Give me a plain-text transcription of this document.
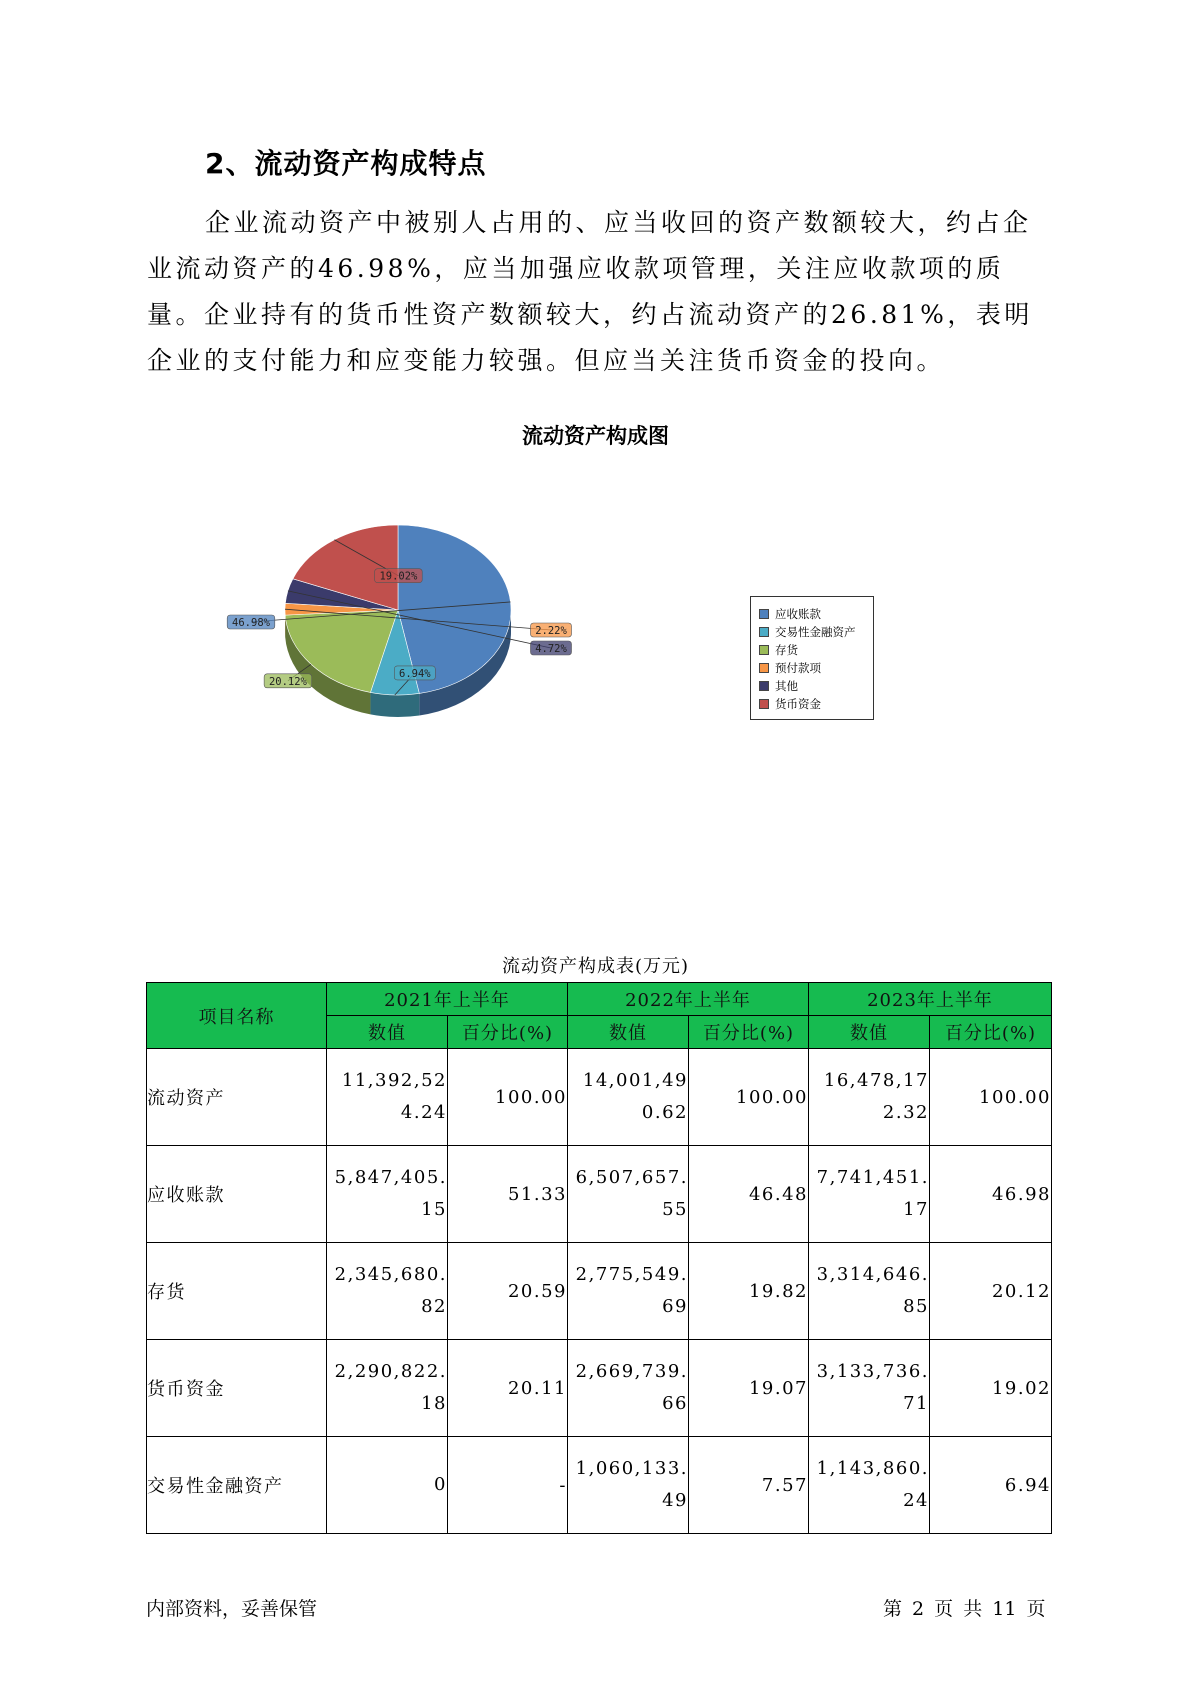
2、流动资产构成特点
企业流动资产中被别人占用的、应当收回的资产数额较大，约占企业流动资产的46.98%，应当加强应收款项管理，关注应收款项的质量。企业持有的货币性资产数额较大，约占流动资产的26.81%，表明企业的支付能力和应变能力较强。但应当关注货币资金的投向。
流动资产构成图
46.98%
6.94%
20.12%
2.22%
4.72%
19.02%
应收账款
交易性金融资产
存货
预付款项
其他
货币资金
流动资产构成表(万元)
项目名称	2021年上半年		2022年上半年		2023年上半年	
	数值	百分比(%)	数值	百分比(%)	数值	百分比(%)
流动资产	11,392,524.24	100.00	14,001,490.62	100.00	16,478,172.32	100.00
应收账款	5,847,405.15	51.33	6,507,657.55	46.48	7,741,451.17	46.98
存货	2,345,680.82	20.59	2,775,549.69	19.82	3,314,646.85	20.12
货币资金	2,290,822.18	20.11	2,669,739.66	19.07	3,133,736.71	19.02
交易性金融资产	0	-	1,060,133.49	7.57	1,143,860.24	6.94
内部资料，妥善保管	第 2 页 共 11 页
